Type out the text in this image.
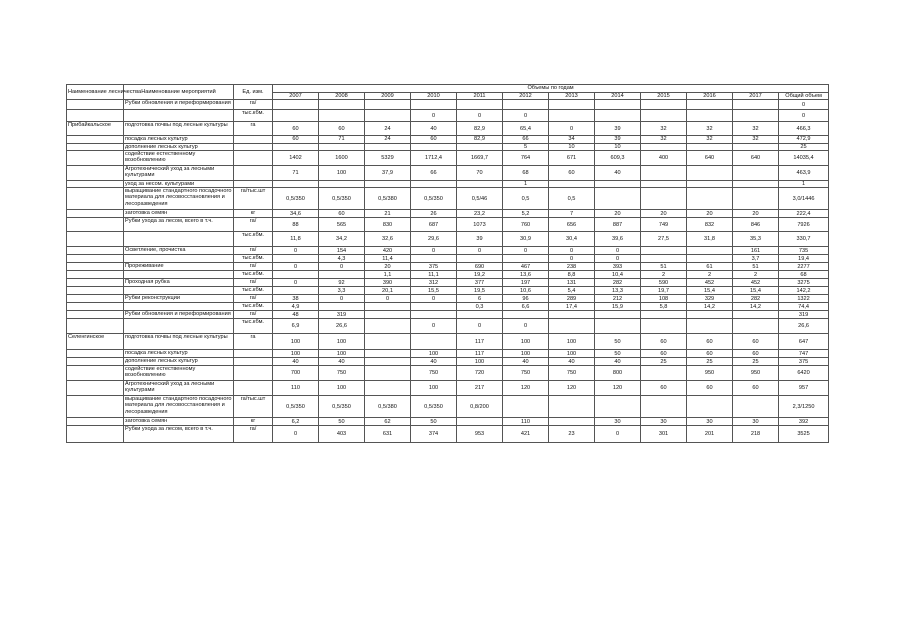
Наименование лесничества	Наименование мероприятий	Ед. изм.	Объемы по годам											
			2007	2008	2009	2010	2011	2012	2013	2014	2015	2016	2017	Общий объем
	Рубки обновления и переформирования	га/												0
		тыс.кбм.				0	0	0						0
Прибайкальское	подготовка почвы под лесные культуры	га	60	60	24	40	82,9	65,4	0	39	32	32	32	466,3
	посадка лесных культур		60	71	24	60	82,9	66	34	39	32	32	32	472,9
	дополнение лесных культур							5	10	10				25
	содействие естественному возобновлению		1402	1600	5329	1712,4	1669,7	764	671	609,3	400	640	640	14035,4
	Агротехнический уход за лесными культурами		71	100	37,9	66	70	68	60	40				463,9
	уход за несом. культурами							1						1
	выращивание стандартного посадочного материала для лесовосстановления и лесоразведения	га/тыс.шт	0,5/350	0,5/350	0,5/380	0,5/350	0,5/46	0,5	0,5					3,0/1446
	заготовка семян	кг	34,6	60	21	26	23,2	5,2	7	20	20	20	20	222,4
	Рубки ухода за лесом, всего в т.ч.	га/	88	565	830	687	1073	760	656	887	749	832	846	7926
		тыс.кбм.	11,8	34,2	32,6	29,6	39	30,9	30,4	39,6	27,5	31,8	35,3	330,7
	Осветление, прочистка	га/	0	154	420	0	0	0	0	0			161	735
		тыс.кбм.		4,3	11,4				0	0			3,7	19,4
	Прореживание	га/	0	0	20	375	690	467	238	393	51	61	51	2277
		тыс.кбм.			1,1	11,1	19,2	13,6	8,8	10,4	2	2	2	68
	Проходная рубка	га/	0	92	390	312	377	197	131	282	590	452	452	3275
		тыс.кбм.		3,3	20,1	15,5	19,5	10,6	5,4	13,3	19,7	15,4	15,4	142,2
	Рубки реконструкции	га/	38	0	0	0	6	96	289	212	108	329	282	1322
		тыс.кбм.	4,9				0,3	6,6	17,4	15,9	5,8	14,2	14,2	74,4
	Рубки обновления и переформирования	га/	48	319										319
		тыс.кбм.	6,9	26,6		0	0	0						26,6
Селенгинское	подготовка почвы под лесные культуры	га	100	100			117	100	100	50	60	60	60	647
	посадка лесных культур		100	100		100	117	100	100	50	60	60	60	747
	дополнение лесных культур		40	40		40	100	40	40	40	25	25	25	375
	содействие естественному возобновлению		700	750		750	720	750	750	800		950	950	6420
	Агротехнический уход за лесными культурами		110	100		100	217	120	120	120	60	60	60	957
	выращивание стандартного посадочного материала для лесовосстановления и лесоразведения	га/тыс.шт	0,5/350	0,5/350	0,5/380	0,5/350	0,8/200							2,3/1250
	заготовка семян	кг	6,2	50	62	50		110		30	30	30	30	392
	Рубки ухода за лесом, всего в т.ч.	га/	0	403	631	374	953	421	23	0	301	201	218	3525
